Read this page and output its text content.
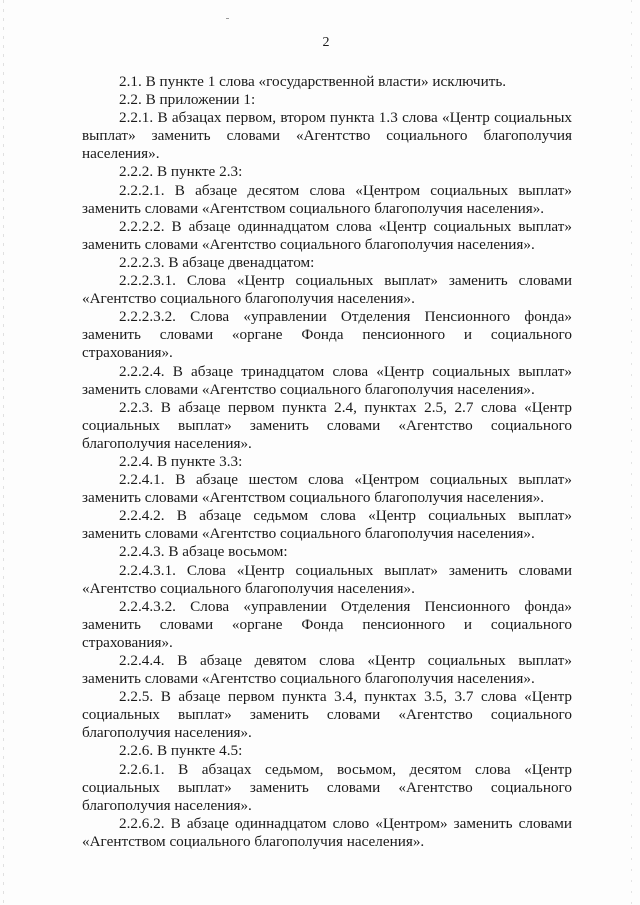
2

2.1. В пункте 1 слова «государственной власти» исключить.

2.2. В приложении 1:

2.2.1. В абзацах первом, втором пункта 1.3 слова «Центр социальных выплат» заменить словами «Агентство социального благополучия населения».

2.2.2. В пункте 2.3:

2.2.2.1. В абзаце десятом слова «Центром социальных выплат» заменить словами «Агентством социального благополучия населения».

2.2.2.2. В абзаце одиннадцатом слова «Центр социальных выплат» заменить словами «Агентство социального благополучия населения».

2.2.2.3. В абзаце двенадцатом:

2.2.2.3.1. Слова «Центр социальных выплат» заменить словами «Агентство социального благополучия населения».

2.2.2.3.2. Слова «управлении Отделения Пенсионного фонда» заменить словами «органе Фонда пенсионного и социального страхования».

2.2.2.4. В абзаце тринадцатом слова «Центр социальных выплат» заменить словами «Агентство социального благополучия населения».

2.2.3. В абзаце первом пункта 2.4, пунктах 2.5, 2.7 слова «Центр социальных выплат» заменить словами «Агентство социального благополучия населения».

2.2.4. В пункте 3.3:

2.2.4.1. В абзаце шестом слова «Центром социальных выплат» заменить словами «Агентством социального благополучия населения».

2.2.4.2. В абзаце седьмом слова «Центр социальных выплат» заменить словами «Агентство социального благополучия населения».

2.2.4.3. В абзаце восьмом:

2.2.4.3.1. Слова «Центр социальных выплат» заменить словами «Агентство социального благополучия населения».

2.2.4.3.2. Слова «управлении Отделения Пенсионного фонда» заменить словами «органе Фонда пенсионного и социального страхования».

2.2.4.4. В абзаце девятом слова «Центр социальных выплат» заменить словами «Агентство социального благополучия населения».

2.2.5. В абзаце первом пункта 3.4, пунктах 3.5, 3.7 слова «Центр социальных выплат» заменить словами «Агентство социального благополучия населения».

2.2.6. В пункте 4.5:

2.2.6.1. В абзацах седьмом, восьмом, десятом слова «Центр социальных выплат» заменить словами «Агентство социального благополучия населения».

2.2.6.2. В абзаце одиннадцатом слово «Центром» заменить словами «Агентством социального благополучия населения».
